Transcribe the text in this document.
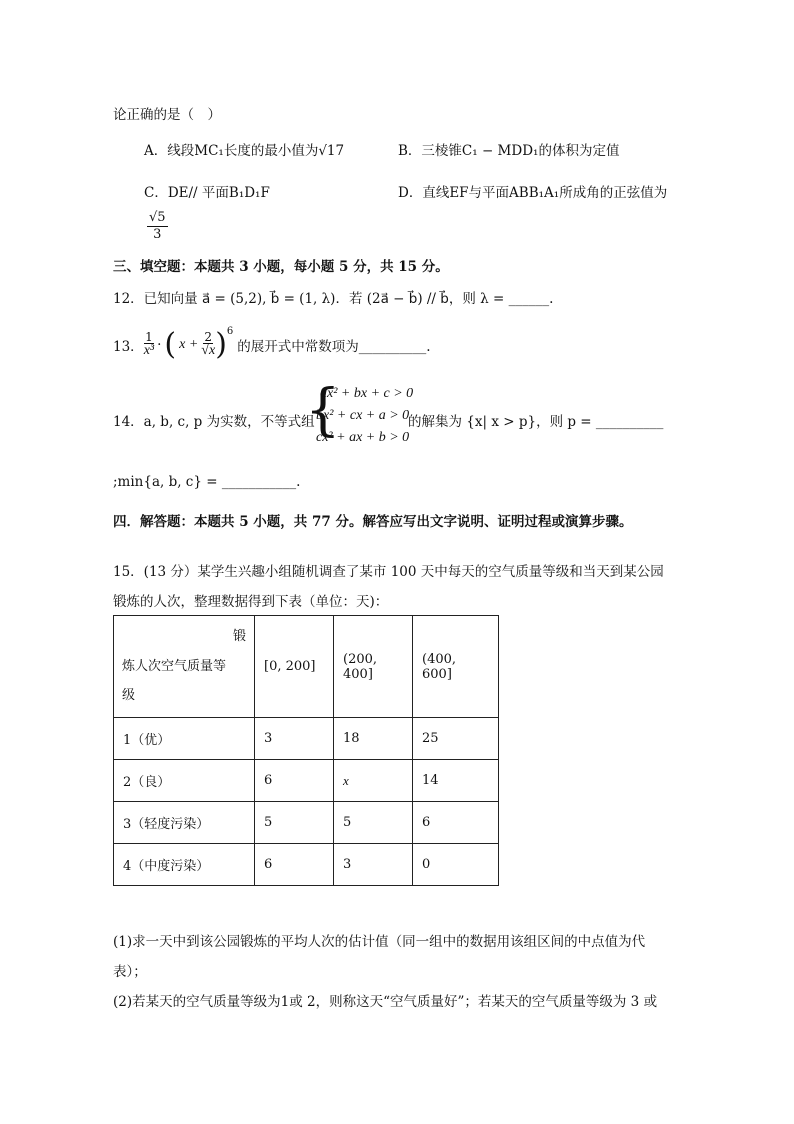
论正确的是（　）
A．线段MC₁长度的最小值为√17	B．三棱锥C₁ − MDD₁的体积为定值
C．DE// 平面B₁D₁F	D．直线EF与平面ABB₁A₁所成角的正弦值为
$\frac{√5}{3}$
三、填空题：本题共 3 小题，每小题 5 分，共 15 分。
12．已知向量 a⃗ = (5,2), b⃗ = (1, λ)．若 (2a⃗ − b⃗) // b⃗，则 λ = ______.
13． $\frac{1}{\text{x³}}$ · ( $x + \frac{2}{√x}$ ) 6
的展开式中常数项为__________.
14．a, b, c, p 为实数，不等式组
{
ax² + bx + c > 0
bx² + cx + a > 0
cx² + ax + b > 0
的解集为 {x| x > p}，则 p = __________
;min{a, b, c} = ___________.
四．解答题：本题共 5 小题，共 77 分。解答应写出文字说明、证明过程或演算步骤。
15．(13 分）某学生兴趣小组随机调查了某市 100 天中每天的空气质量等级和当天到某公园
锻炼的人次，整理数据得到下表（单位：天)：
锻
炼人次空气质量等
级	[0, 200]	(200, 400]	(400, 600]
1（优）	3	18	25
2（良）	6	x	14
3（轻度污染）	5	5	6
4（中度污染）	6	3	0
(1)求一天中到该公园锻炼的平均人次的估计值（同一组中的数据用该组区间的中点值为代
表）；
(2)若某天的空气质量等级为1或 2，则称这天“空气质量好”；若某天的空气质量等级为 3 或
